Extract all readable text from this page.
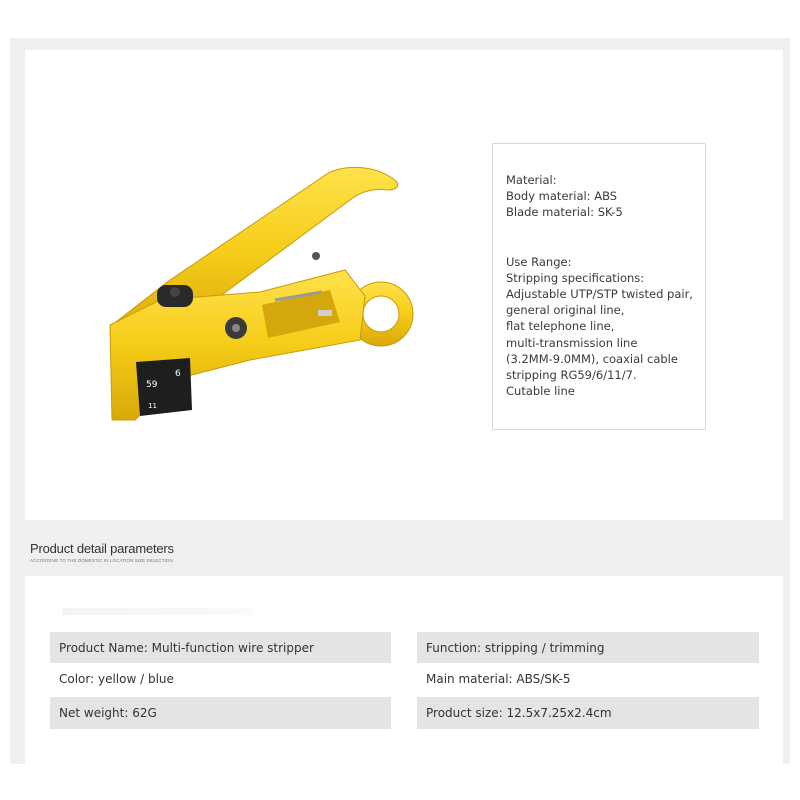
59
6
11
Material:
Body material: ABS
Blade material: SK-5
Use Range:
Stripping specifications:
Adjustable UTP/STP twisted pair,
general original line,
flat telephone line,
multi-transmission line
(3.2MM-9.0MM), coaxial cable
stripping RG59/6/11/7.
Cutable line
Product detail parameters
ACCORDING TO THE DOMESTIC IN LOCATION SIZE SELECTION
Product Name: Multi-function wire stripper	Function: stripping / trimming
Color: yellow / blue	Main material: ABS/SK-5
Net weight: 62G	Product size: 12.5x7.25x2.4cm
